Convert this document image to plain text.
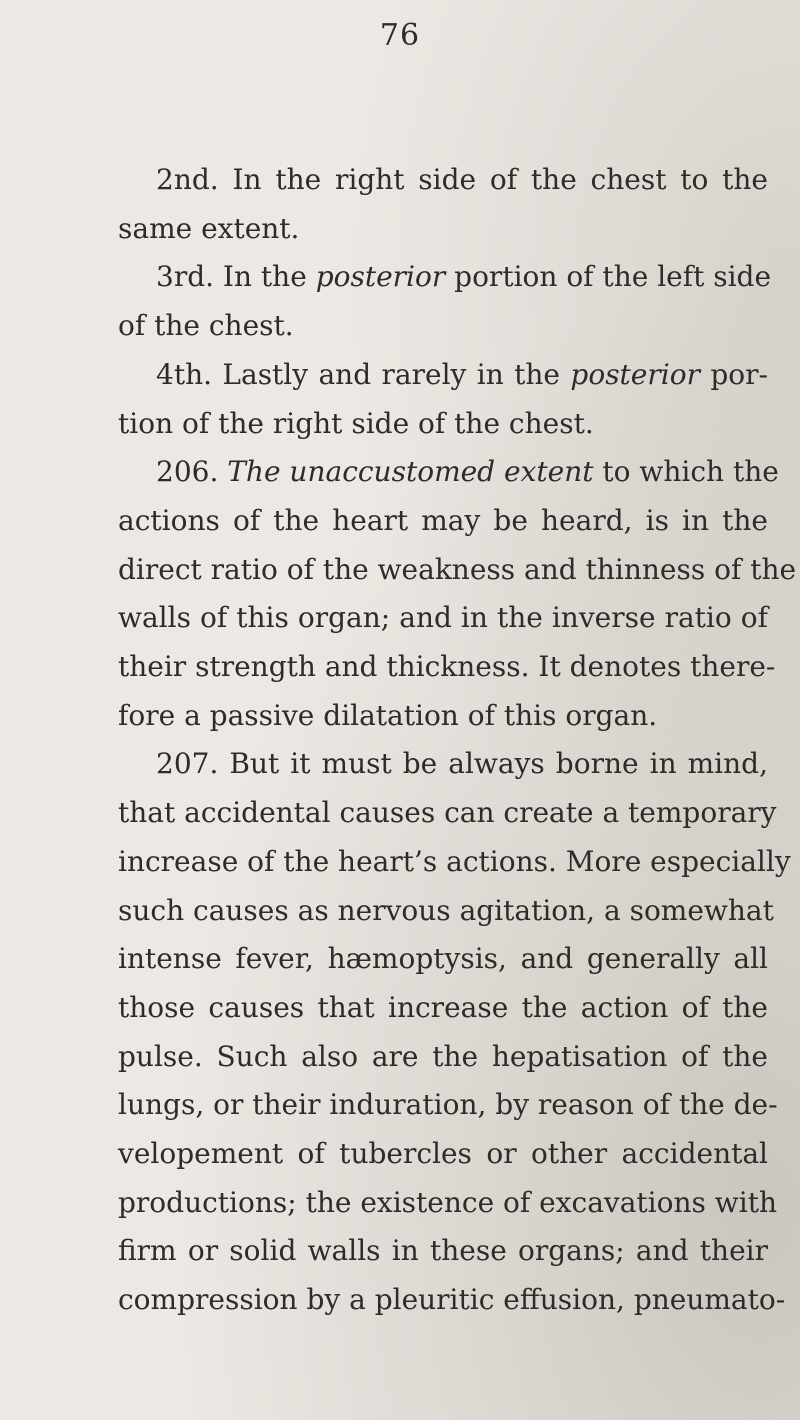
76
2nd. In the right side of the chest to the
same extent.
3rd. In the posterior portion of the left side
of the chest.
4th. Lastly and rarely in the posterior por-
tion of the right side of the chest.
206. The unaccustomed extent to which the
actions of the heart may be heard, is in the
direct ratio of the weakness and thinness of the
walls of this organ; and in the inverse ratio of
their strength and thickness. It denotes there-
fore a passive dilatation of this organ.
207. But it must be always borne in mind,
that accidental causes can create a temporary
increase of the heart’s actions. More especially
such causes as nervous agitation, a somewhat
intense fever, hæmoptysis, and generally all
those causes that increase the action of the
pulse. Such also are the hepatisation of the
lungs, or their induration, by reason of the de-
velopement of tubercles or other accidental
productions; the existence of excavations with
firm or solid walls in these organs; and their
compression by a pleuritic effusion, pneumato-
